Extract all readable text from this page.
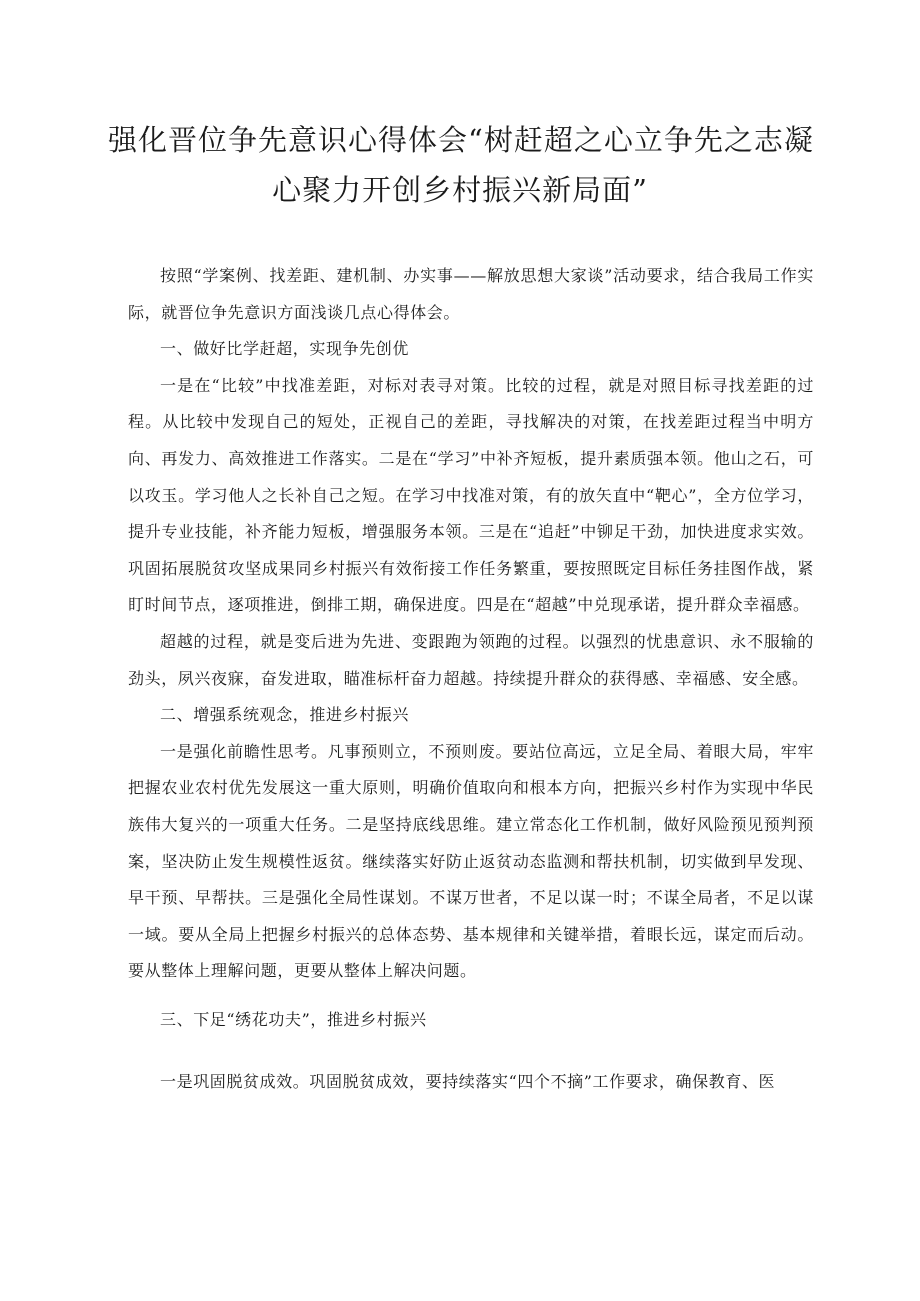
强化晋位争先意识心得体会“树赶超之心立争先之志凝
心聚力开创乡村振兴新局面”

按照“学案例、找差距、建机制、办实事——解放思想大家谈”活动要求，结合我局工作实际，就晋位争先意识方面浅谈几点心得体会。

一、做好比学赶超，实现争先创优

一是在“比较”中找准差距，对标对表寻对策。比较的过程，就是对照目标寻找差距的过程。从比较中发现自己的短处，正视自己的差距，寻找解决的对策，在找差距过程当中明方向、再发力、高效推进工作落实。二是在“学习”中补齐短板，提升素质强本领。他山之石，可以攻玉。学习他人之长补自己之短。在学习中找准对策，有的放矢直中“靶心”，全方位学习，提升专业技能，补齐能力短板，增强服务本领。三是在“追赶”中铆足干劲，加快进度求实效。巩固拓展脱贫攻坚成果同乡村振兴有效衔接工作任务繁重，要按照既定目标任务挂图作战，紧盯时间节点，逐项推进，倒排工期，确保进度。四是在“超越”中兑现承诺，提升群众幸福感。

超越的过程，就是变后进为先进、变跟跑为领跑的过程。以强烈的忧患意识、永不服输的劲头，夙兴夜寐，奋发进取，瞄准标杆奋力超越。持续提升群众的获得感、幸福感、安全感。

二、增强系统观念，推进乡村振兴

一是强化前瞻性思考。凡事预则立，不预则废。要站位高远，立足全局、着眼大局，牢牢把握农业农村优先发展这一重大原则，明确价值取向和根本方向，把振兴乡村作为实现中华民族伟大复兴的一项重大任务。二是坚持底线思维。建立常态化工作机制，做好风险预见预判预案，坚决防止发生规模性返贫。继续落实好防止返贫动态监测和帮扶机制，切实做到早发现、早干预、早帮扶。三是强化全局性谋划。不谋万世者，不足以谋一时；不谋全局者，不足以谋一域。要从全局上把握乡村振兴的总体态势、基本规律和关键举措，着眼长远，谋定而后动。要从整体上理解问题，更要从整体上解决问题。

三、下足“绣花功夫”，推进乡村振兴

一是巩固脱贫成效。巩固脱贫成效，要持续落实“四个不摘”工作要求，确保教育、医
